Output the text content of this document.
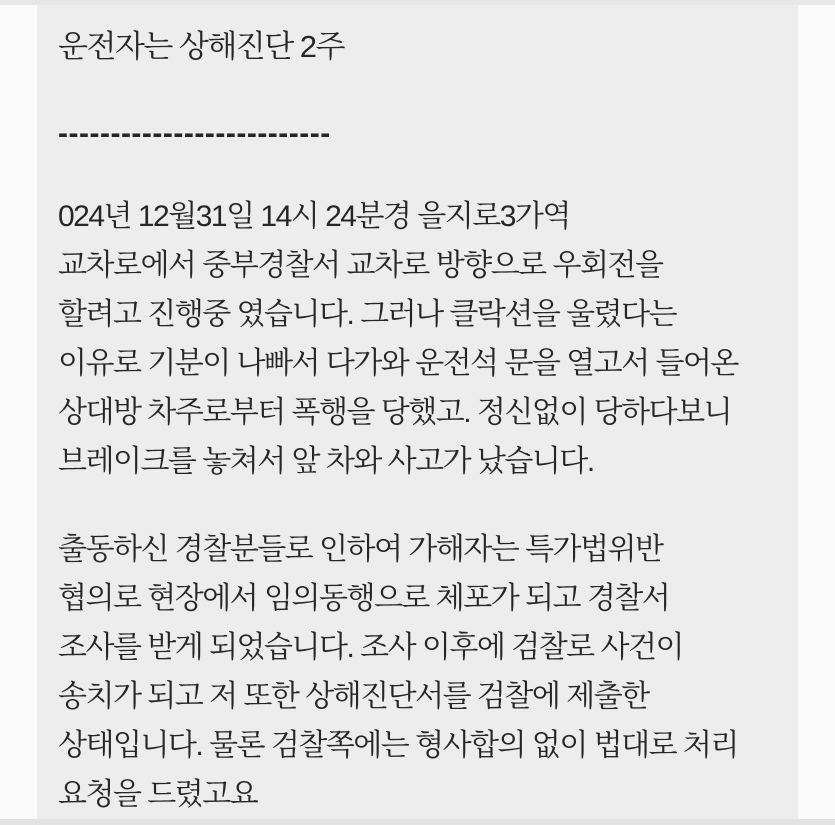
운전자는 상해진단 2주
--------------------------
024년 12월31일 14시 24분경 을지로3가역
교차로에서 중부경찰서 교차로 방향으로 우회전을
할려고 진행중 였습니다. 그러나 클락션을 울렸다는
이유로 기분이 나빠서 다가와 운전석 문을 열고서 들어온
상대방 차주로부터 폭행을 당했고. 정신없이 당하다보니
브레이크를 놓쳐서 앞 차와 사고가 났습니다.
출동하신 경찰분들로 인하여 가해자는 특가법위반
협의로 현장에서 임의동행으로 체포가 되고 경찰서
조사를 받게 되었습니다. 조사 이후에 검찰로 사건이
송치가 되고 저 또한 상해진단서를 검찰에 제출한
상태입니다. 물론 검찰쪽에는 형사합의 없이 법대로 처리
요청을 드렸고요
